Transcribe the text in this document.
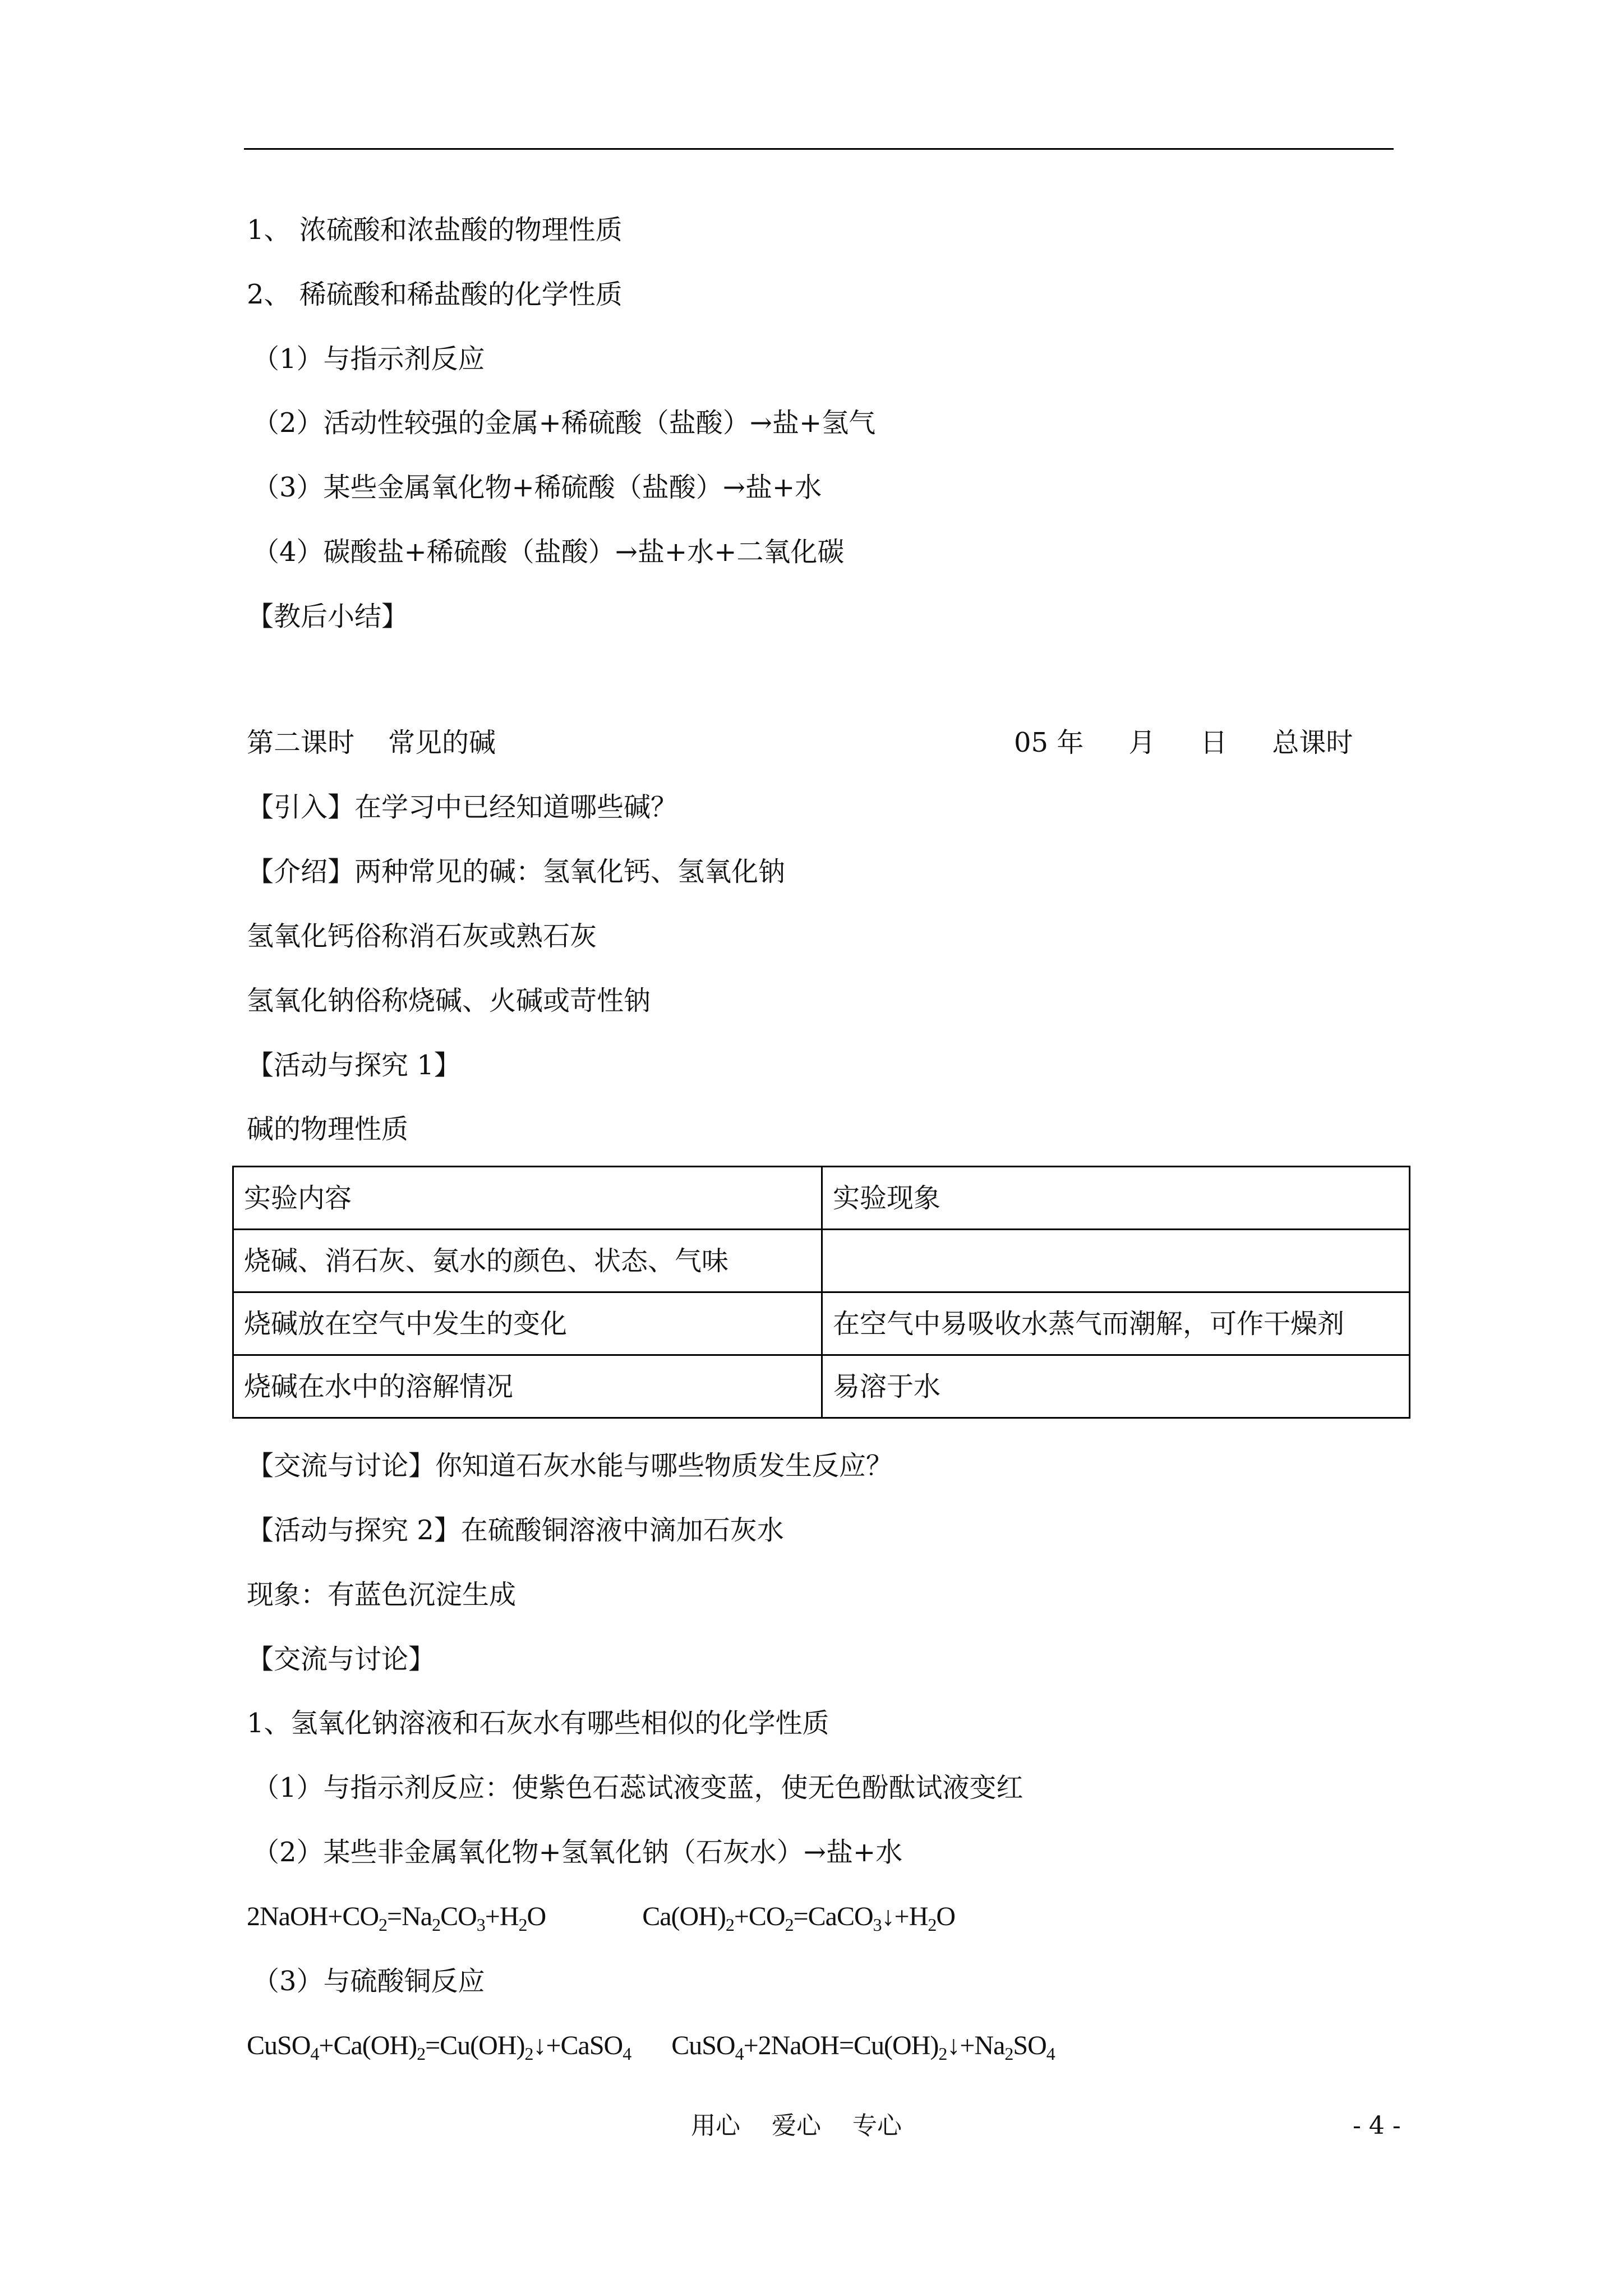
1、 浓硫酸和浓盐酸的物理性质
2、 稀硫酸和稀盐酸的化学性质
（1）与指示剂反应
（2）活动性较强的金属+稀硫酸（盐酸）→盐+氢气
（3）某些金属氧化物+稀硫酸（盐酸）→盐+水
（4）碳酸盐+稀硫酸（盐酸）→盐+水+二氧化碳
【教后小结】
第二课时 常见的碱	05 年 月 日 总课时
【引入】在学习中已经知道哪些碱？
【介绍】两种常见的碱：氢氧化钙、氢氧化钠
氢氧化钙俗称消石灰或熟石灰
氢氧化钠俗称烧碱、火碱或苛性钠
【活动与探究 1】
碱的物理性质
实验内容	实验现象
烧碱、消石灰、氨水的颜色、状态、气味	
烧碱放在空气中发生的变化	在空气中易吸收水蒸气而潮解，可作干燥剂
烧碱在水中的溶解情况	易溶于水
【交流与讨论】你知道石灰水能与哪些物质发生反应？
【活动与探究 2】在硫酸铜溶液中滴加石灰水
现象：有蓝色沉淀生成
【交流与讨论】
1、氢氧化钠溶液和石灰水有哪些相似的化学性质
（1）与指示剂反应：使紫色石蕊试液变蓝，使无色酚酞试液变红
（2）某些非金属氧化物+氢氧化钠（石灰水）→盐+水
$2NaOH+CO_2=Na_2CO_3+H_2O$	$Ca(OH)_2+CO_2=CaCO_3↓+H_2O$
（3）与硫酸铜反应
$CuSO_4+Ca(OH)_2=Cu(OH)_2↓+CaSO_4$ $CuSO_4+2NaOH=Cu(OH)_2↓+Na_2SO_4$
用心 爱心 专心	- 4 -
